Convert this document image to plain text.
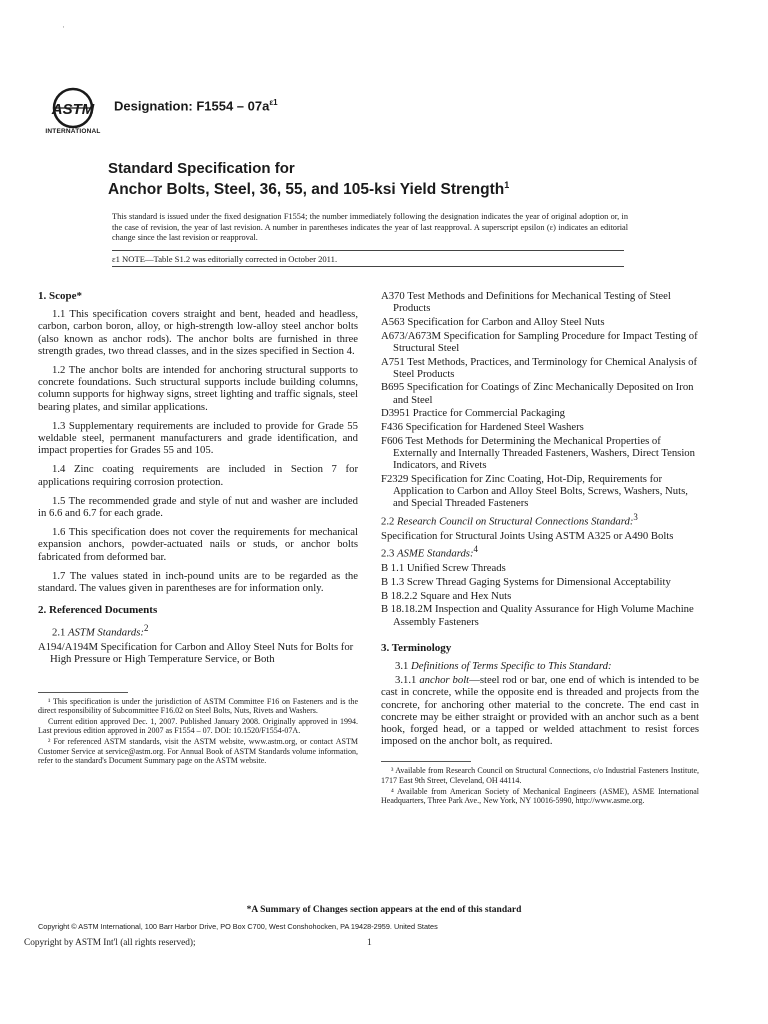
ASTM
INTERNATIONAL
Designation: $F1554 - 07a^{\varepsilon 1}$
·
Standard Specification for
Anchor Bolts, Steel, 36, 55, and 105-ksi Yield Strength$^1$
This standard is issued under the fixed designation F1554; the number immediately following the designation indicates the year of original adoption or, in the case of revision, the year of last revision. A number in parentheses indicates the year of last reapproval. A superscript epsilon (ε) indicates an editorial change since the last revision or reapproval.
ε1 NOTE—Table S1.2 was editorially corrected in October 2011.
1. Scope*

1.1 This specification covers straight and bent, headed and headless, carbon, carbon boron, alloy, or high-strength low-alloy steel anchor bolts (also known as anchor rods). The anchor bolts are furnished in three strength grades, two thread classes, and in the sizes specified in Section 4.

1.2 The anchor bolts are intended for anchoring structural supports to concrete foundations. Such structural supports include building columns, column supports for highway signs, street lighting and traffic signals, steel bearing plates, and similar applications.

1.3 Supplementary requirements are included to provide for Grade 55 weldable steel, permanent manufacturers and grade identification, and impact properties for Grades 55 and 105.

1.4 Zinc coating requirements are included in Section 7 for applications requiring corrosion protection.

1.5 The recommended grade and style of nut and washer are included in 6.6 and 6.7 for each grade.

1.6 This specification does not cover the requirements for mechanical expansion anchors, powder-actuated nails or studs, or anchor bolts fabricated from deformed bar.

1.7 The values stated in inch-pound units are to be regarded as the standard. The values given in parentheses are for information only.

2. Referenced Documents
2.1 ASTM Standards:$^2$
A194/A194M Specification for Carbon and Alloy Steel Nuts for Bolts for High Pressure or High Temperature Service, or Both

¹ This specification is under the jurisdiction of ASTM Committee F16 on Fasteners and is the direct responsibility of Subcommittee F16.02 on Steel Bolts, Nuts, Rivets and Washers.

Current edition approved Dec. 1, 2007. Published January 2008. Originally approved in 1994. Last previous edition approved in 2007 as F1554 – 07. DOI: 10.1520/F1554-07A.

² For referenced ASTM standards, visit the ASTM website, www.astm.org, or contact ASTM Customer Service at service@astm.org. For Annual Book of ASTM Standards volume information, refer to the standard's Document Summary page on the ASTM website.

A370 Test Methods and Definitions for Mechanical Testing of Steel Products
A563 Specification for Carbon and Alloy Steel Nuts
A673/A673M Specification for Sampling Procedure for Impact Testing of Structural Steel
A751 Test Methods, Practices, and Terminology for Chemical Analysis of Steel Products
B695 Specification for Coatings of Zinc Mechanically Deposited on Iron and Steel
D3951 Practice for Commercial Packaging
F436 Specification for Hardened Steel Washers
F606 Test Methods for Determining the Mechanical Properties of Externally and Internally Threaded Fasteners, Washers, Direct Tension Indicators, and Rivets
F2329 Specification for Zinc Coating, Hot-Dip, Requirements for Application to Carbon and Alloy Steel Bolts, Screws, Washers, Nuts, and Special Threaded Fasteners
2.2 Research Council on Structural Connections Standard:$^3$
Specification for Structural Joints Using ASTM A325 or A490 Bolts
2.3 ASME Standards:$^4$
B 1.1 Unified Screw Threads
B 1.3 Screw Thread Gaging Systems for Dimensional Acceptability
B 18.2.2 Square and Hex Nuts
B 18.18.2M Inspection and Quality Assurance for High Volume Machine Assembly Fasteners
3. Terminology
3.1 Definitions of Terms Specific to This Standard:

3.1.1 anchor bolt—steel rod or bar, one end of which is intended to be cast in concrete, while the opposite end is threaded and projects from the concrete, for anchoring other material to the concrete. The end cast in concrete may be either straight or provided with an anchor such as a bent hook, forged head, or a tapped or welded attachment to resist forces imposed on the anchor bolt, as required.

³ Available from Research Council on Structural Connections, c/o Industrial Fasteners Institute, 1717 East 9th Street, Cleveland, OH 44114.

⁴ Available from American Society of Mechanical Engineers (ASME), ASME International Headquarters, Three Park Ave., New York, NY 10016-5990, http://www.asme.org.

*A Summary of Changes section appears at the end of this standard
Copyright © ASTM International, 100 Barr Harbor Drive, PO Box C700, West Conshohocken, PA 19428-2959. United States
Copyright by ASTM Int'l (all rights reserved);	1
